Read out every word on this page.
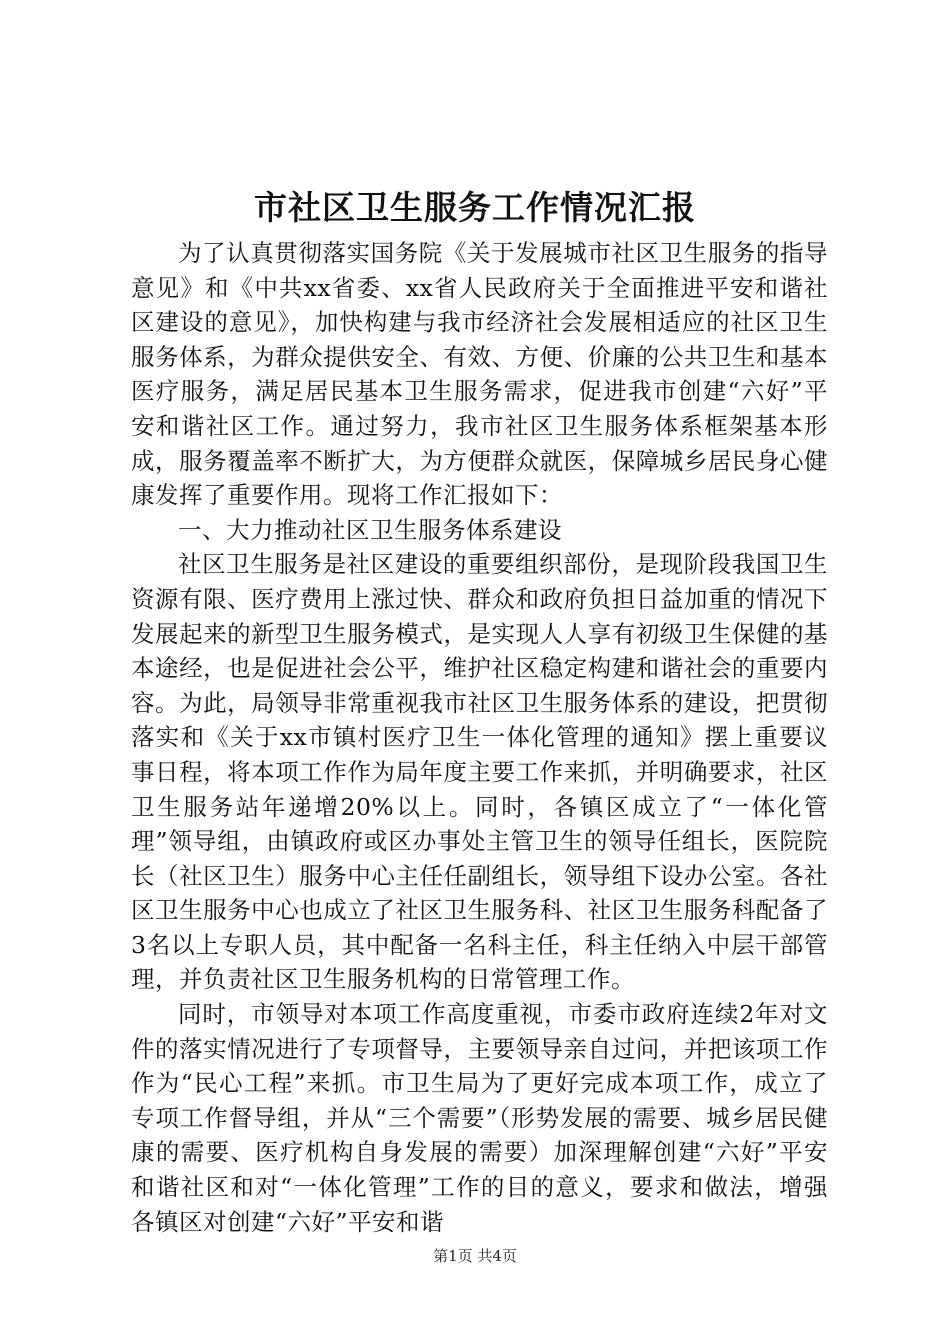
市社区卫生服务工作情况汇报

为了认真贯彻落实国务院《关于发展城市社区卫生服务的指导意见》和《中共xx省委、xx省人民政府关于全面推进平安和谐社区建设的意见》，加快构建与我市经济社会发展相适应的社区卫生服务体系，为群众提供安全、有效、方便、价廉的公共卫生和基本医疗服务，满足居民基本卫生服务需求，促进我市创建“六好”平安和谐社区工作。通过努力，我市社区卫生服务体系框架基本形成，服务覆盖率不断扩大，为方便群众就医，保障城乡居民身心健康发挥了重要作用。现将工作汇报如下：

一、大力推动社区卫生服务体系建设

社区卫生服务是社区建设的重要组织部份，是现阶段我国卫生资源有限、医疗费用上涨过快、群众和政府负担日益加重的情况下发展起来的新型卫生服务模式，是实现人人享有初级卫生保健的基本途经，也是促进社会公平，维护社区稳定构建和谐社会的重要内容。为此，局领导非常重视我市社区卫生服务体系的建设，把贯彻落实和《关于xx市镇村医疗卫生一体化管理的通知》摆上重要议事日程，将本项工作作为局年度主要工作来抓，并明确要求，社区卫生服务站年递增20%以上。同时，各镇区成立了“一体化管理”领导组，由镇政府或区办事处主管卫生的领导任组长，医院院长（社区卫生）服务中心主任任副组长，领导组下设办公室。各社区卫生服务中心也成立了社区卫生服务科、社区卫生服务科配备了3名以上专职人员，其中配备一名科主任，科主任纳入中层干部管理，并负责社区卫生服务机构的日常管理工作。

同时，市领导对本项工作高度重视，市委市政府连续2年对文件的落实情况进行了专项督导，主要领导亲自过问，并把该项工作作为“民心工程”来抓。市卫生局为了更好完成本项工作，成立了专项工作督导组，并从“三个需要”（形势发展的需要、城乡居民健康的需要、医疗机构自身发展的需要）加深理解创建“六好”平安和谐社区和对“一体化管理”工作的目的意义，要求和做法，增强各镇区对创建“六好”平安和谐

第1页 共4页
